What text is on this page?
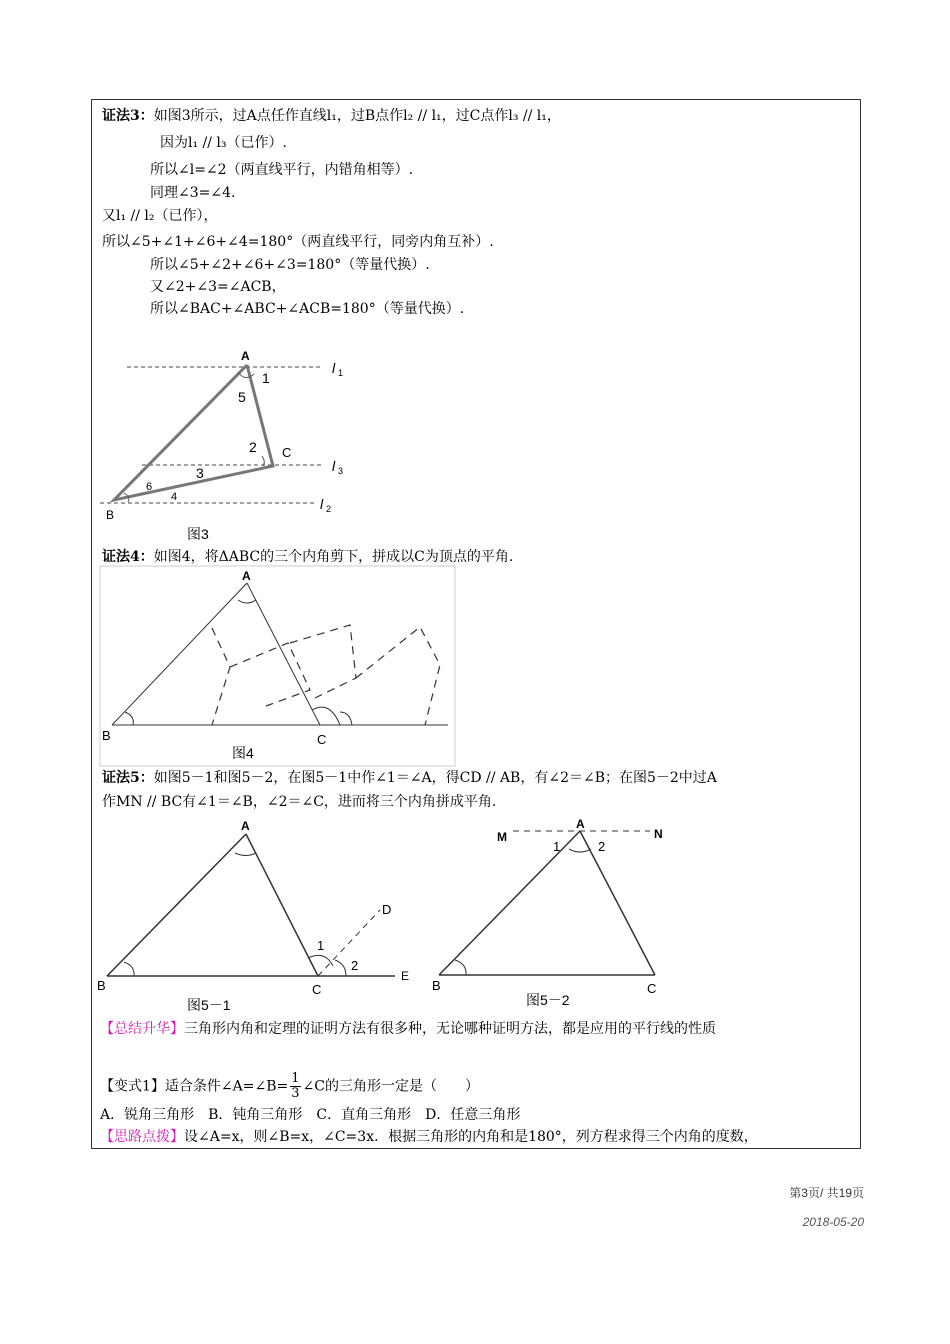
证法3：如图3所示，过A点任作直线l₁，过B点作l₂ // l₁，过C点作l₃ // l₁，
因为l₁ // l₃（已作）.
所以∠l=∠2（两直线平行，内错角相等）.
同理∠3=∠4.
又l₁ // l₂（已作），
所以∠5+∠1+∠6+∠4=180°（两直线平行，同旁内角互补）.
所以∠5+∠2+∠6+∠3=180°（等量代换）.
又∠2+∠3=∠ACB，
所以∠BAC+∠ABC+∠ACB=180°（等量代换）.
A
B
C
l 1
l 3
l 2
1
5
2
3
6
4
图3
证法4：如图4，将ΔABC的三个内角剪下，拼成以C为顶点的平角.
A
B	C
图4
证法5：如图5－1和图5－2，在图5－1中作∠1＝∠A，得CD // AB，有∠2＝∠B；在图5－2中过A
作MN // BC有∠1＝∠B，∠2＝∠C，进而将三个内角拼成平角.
A
B	C
D
E
1
2
图5－1
A
B	C
M	N
1	2
图5－2
【总结升华】三角形内角和定理的证明方法有很多种，无论哪种证明方法，都是应用的平行线的性质
【变式1】适合条件∠A=∠B= $\frac{1}{3}$ ∠C的三角形一定是（　　）
A．锐角三角形　B．钝角三角形　C．直角三角形　D．任意三角形
【思路点拨】设∠A=x，则∠B=x，∠C=3x．根据三角形的内角和是180°，列方程求得三个内角的度数，
第3页/ 共19页
2018-05-20
